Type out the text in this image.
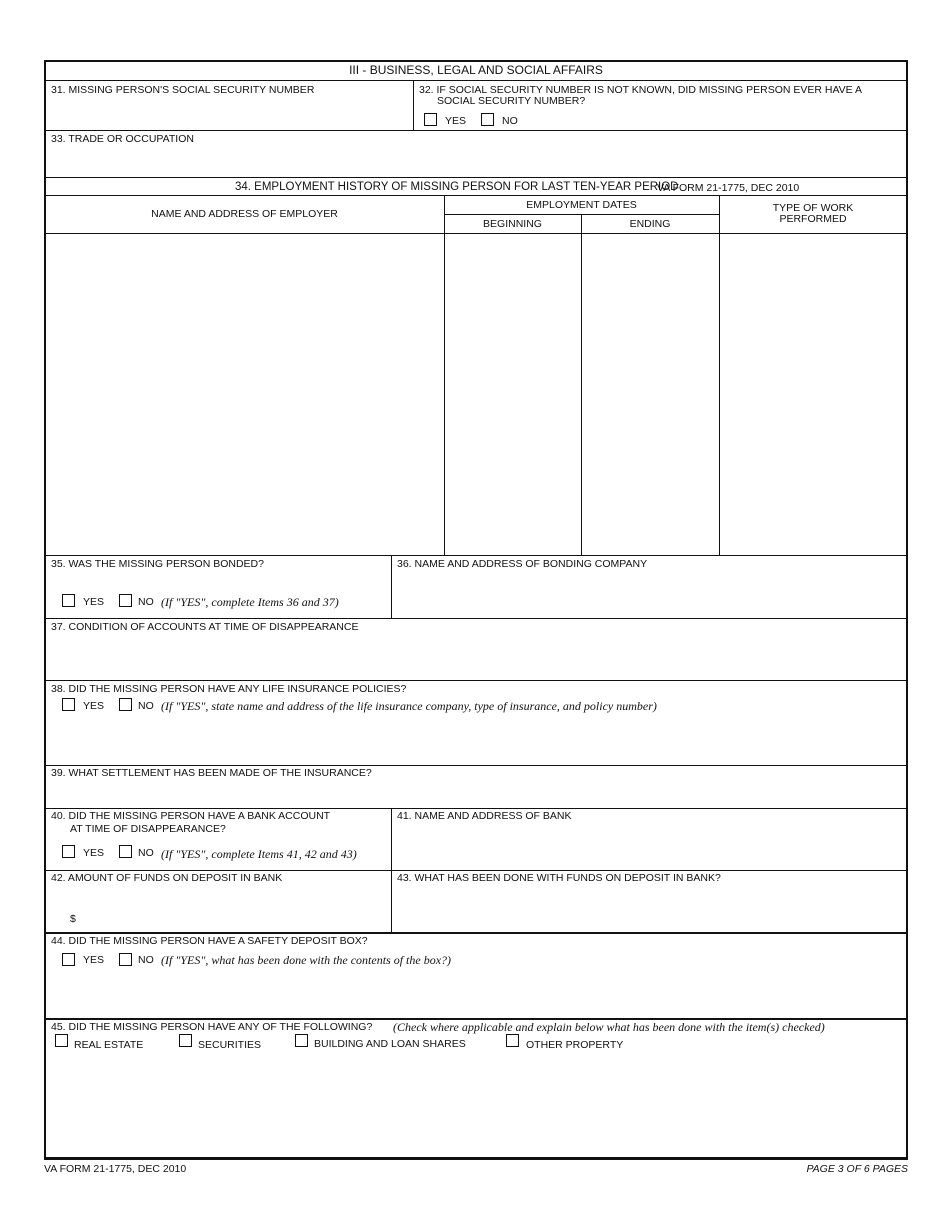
III - BUSINESS, LEGAL AND SOCIAL AFFAIRS
31. MISSING PERSON'S SOCIAL SECURITY NUMBER	32. IF SOCIAL SECURITY NUMBER IS NOT KNOWN, DID MISSING PERSON EVER HAVE A
SOCIAL SECURITY NUMBER?
YES	NO
33. TRADE OR OCCUPATION
34. EMPLOYMENT HISTORY OF MISSING PERSON FOR LAST TEN-YEAR PERIOD
VA FORM 21-1775, DEC 2010
NAME AND ADDRESS OF EMPLOYER
EMPLOYMENT DATES
BEGINNING	ENDING
TYPE OF WORK
PERFORMED
35. WAS THE MISSING PERSON BONDED?
YES	NO (If "YES", complete Items 36 and 37)
36. NAME AND ADDRESS OF BONDING COMPANY
37. CONDITION OF ACCOUNTS AT TIME OF DISAPPEARANCE
38. DID THE MISSING PERSON HAVE ANY LIFE INSURANCE POLICIES?
YES	NO (If "YES", state name and address of the life insurance company, type of insurance, and policy number)
39. WHAT SETTLEMENT HAS BEEN MADE OF THE INSURANCE?
40. DID THE MISSING PERSON HAVE A BANK ACCOUNT
AT TIME OF DISAPPEARANCE?
YES	NO (If "YES", complete Items 41, 42 and 43)
41. NAME AND ADDRESS OF BANK
42. AMOUNT OF FUNDS ON DEPOSIT IN BANK
$
43. WHAT HAS BEEN DONE WITH FUNDS ON DEPOSIT IN BANK?
44. DID THE MISSING PERSON HAVE A SAFETY DEPOSIT BOX?
YES	NO (If "YES", what has been done with the contents of the box?)
45. DID THE MISSING PERSON HAVE ANY OF THE FOLLOWING? (Check where applicable and explain below what has been done with the item(s) checked)
REAL ESTATE	SECURITIES	BUILDING AND LOAN SHARES	OTHER PROPERTY
VA FORM 21-1775, DEC 2010	PAGE 3 OF 6 PAGES
